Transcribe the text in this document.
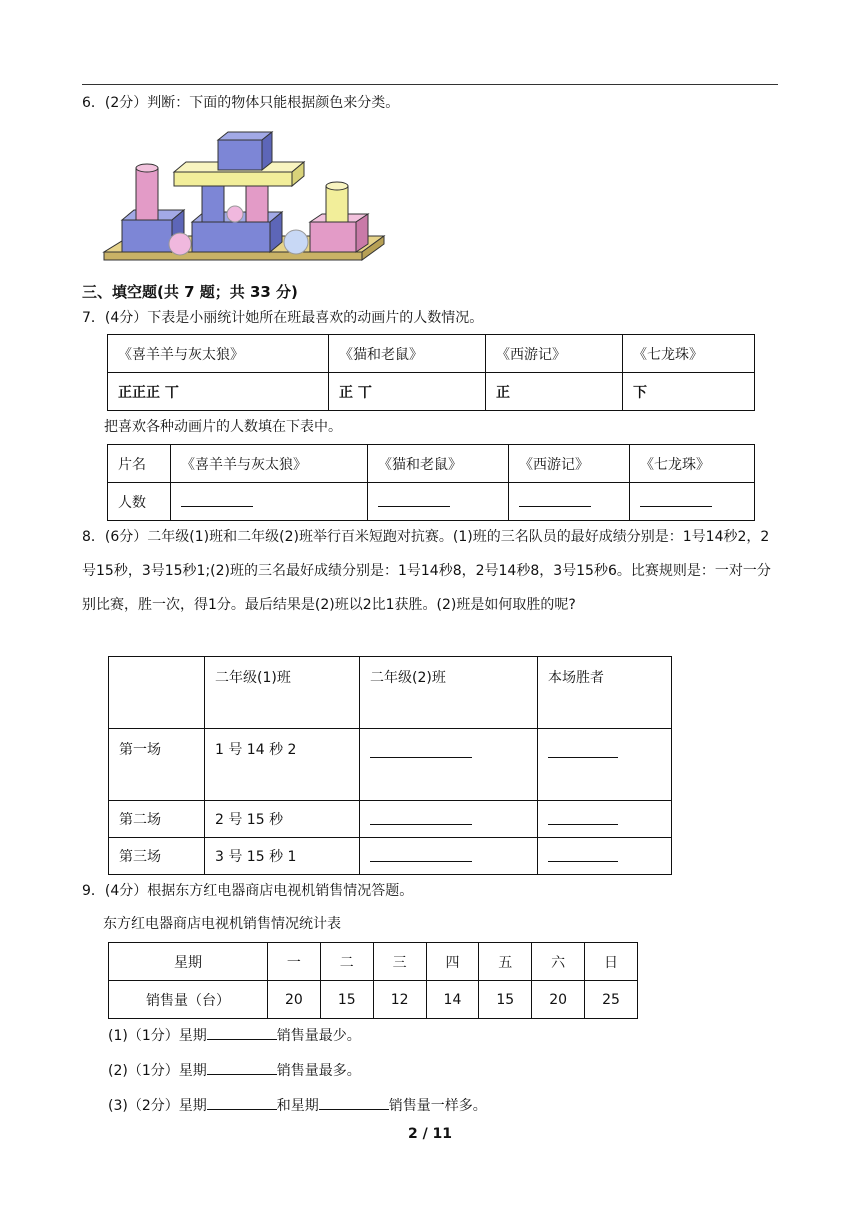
6．(2分）判断：下面的物体只能根据颜色来分类。
三、填空题(共 7 题；共 33 分)
7．(4分）下表是小丽统计她所在班最喜欢的动画片的人数情况。
《喜羊羊与灰太狼》	《猫和老鼠》	《西游记》	《七龙珠》
正正正 丅	正 丅	正	下
把喜欢各种动画片的人数填在下表中。
片名	《喜羊羊与灰太狼》	《猫和老鼠》	《西游记》	《七龙珠》
人数				
8．(6分）二年级(1)班和二年级(2)班举行百米短跑对抗赛。(1)班的三名队员的最好成绩分别是：1号14秒2，2号15秒，3号15秒1;(2)班的三名最好成绩分别是：1号14秒8，2号14秒8，3号15秒6。比赛规则是：一对一分别比赛，胜一次，得1分。最后结果是(2)班以2比1获胜。(2)班是如何取胜的呢?
	二年级(1)班	二年级(2)班	本场胜者
第一场	1 号 14 秒 2		
第二场	2 号 15 秒		
第三场	3 号 15 秒 1		
9．(4分）根据东方红电器商店电视机销售情况答题。
东方红电器商店电视机销售情况统计表
星期	一	二	三	四	五	六	日
销售量（台）	20	15	12	14	15	20	25
(1)（1分）星期	销售量最少。
(2)（1分）星期	销售量最多。
(3)（2分）星期	和星期	销售量一样多。
2 / 11
